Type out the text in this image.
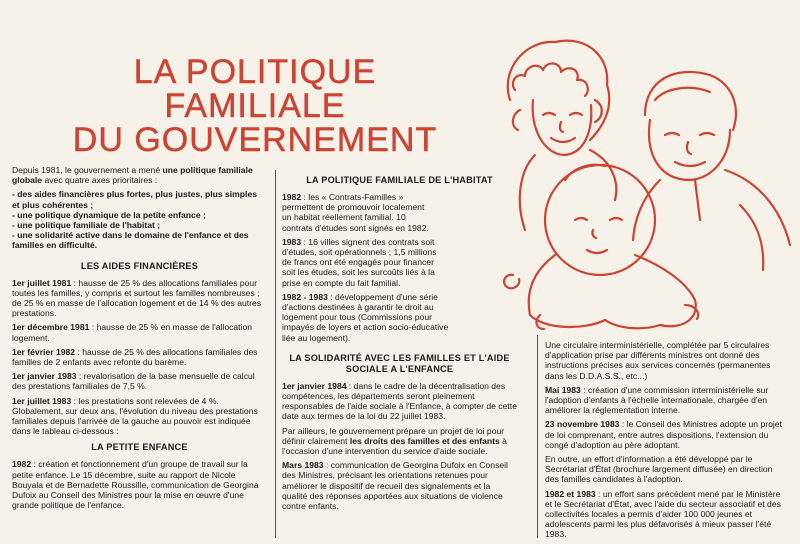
LA POLITIQUE
FAMILIALE
DU GOUVERNEMENT

Depuis 1981, le gouvernement a mené une politique familiale globale avec quatre axes prioritaires :

- des aides financières plus fortes, plus justes, plus simples et plus cohérentes ;
- une politique dynamique de la petite enfance ;
- une politique familiale de l'habitat ;
- une solidarité active dans le domaine de l'enfance et des familles en difficulté.
LES AIDES FINANCIÈRES

1er juillet 1981 : hausse de 25 % des allocations familiales pour toutes les familles, y compris et surtout les familles nombreuses ; de 25 % en masse de l'allocation logement et de 14 % des autres prestations.

1er décembre 1981 : hausse de 25 % en masse de l'allocation logement.

1er février 1982 : hausse de 25 % des allocations familiales des familles de 2 enfants avec refonte du barème.

1er janvier 1983 : revalorisation de la base mensuelle de calcul des prestations familiales de 7,5 %.

1er juillet 1983 : les prestations sont relevées de 4 %.

Globalement, sur deux ans, l'évolution du niveau des prestations familiales depuis l'arrivée de la gauche au pouvoir est indiquée dans le tableau ci-dessous :

LA PETITE ENFANCE

1982 : création et fonctionnement d'un groupe de travail sur la petite enfance. Le 15 décembre, suite au rapport de Nicole Bouyala et de Bernadette Roussille, communication de Georgina Dufoix au Conseil des Ministres pour la mise en œuvre d'une grande politique de l'enfance.

LA POLITIQUE FAMILIALE DE L'HABITAT

1982 : les « Contrats-Familles » permettent de promouvoir localement un habitat réellement familial. 10 contrats d'études sont signés en 1982.

1983 : 16 villes signent des contrats soit d'études, soit opérationnels ; 1,5 millions de francs ont été engagés pour financer soit les études, soit les surcoûts liés à la prise en compte du fait familial.

1982 - 1983 : développement d'une série d'actions destinées à garantir le droit au logement pour tous (Commissions pour impayés de loyers et action socio-éducative liée au logement).

LA SOLIDARITÉ AVEC LES FAMILLES ET L'AIDE SOCIALE A L'ENFANCE

1er janvier 1984 : dans le cadre de la décentralisation des compétences, les départements seront pleinement responsables de l'aide sociale à l'Enfance, à compter de cette date aux termes de la loi du 22 juillet 1983.

Par ailleurs, le gouvernement prépare un projet de loi pour définir clairement les droits des familles et des enfants à l'occasion d'une intervention du service d'aide sociale.

Mars 1983 : communication de Georgina Dufoix en Conseil des Ministres, précisant les orientations retenues pour améliorer le dispositif de recueil des signalements et la qualité des réponses apportées aux situations de violence contre enfants.

Une circulaire interministérielle, complétée par 5 circulaires d'application prise par différents ministres ont donné des instructions précises aux services concernés (permanentes dans les D.D.A.S.S., etc...)

Mai 1983 : création d'une commission interministérielle sur l'adoption d'enfants à l'échelle internationale, chargée d'en améliorer la réglementation interne.

23 novembre 1983 : le Conseil des Ministres adopte un projet de loi comprenant, entre autres dispositions, l'extension du congé d'adoption au père adoptant.

En outre, un effort d'information a été développé par le Secrétariat d'État (brochure largement diffusée) en direction des familles candidates à l'adoption.

1982 et 1983 : un effort sans précédent mené par le Ministère et le Secrétariat d'État, avec l'aide du secteur associatif et des collectivités locales a permis d'aider 100 000 jeunes et adolescents parmi les plus défavorisés à mieux passer l'été 1983.
